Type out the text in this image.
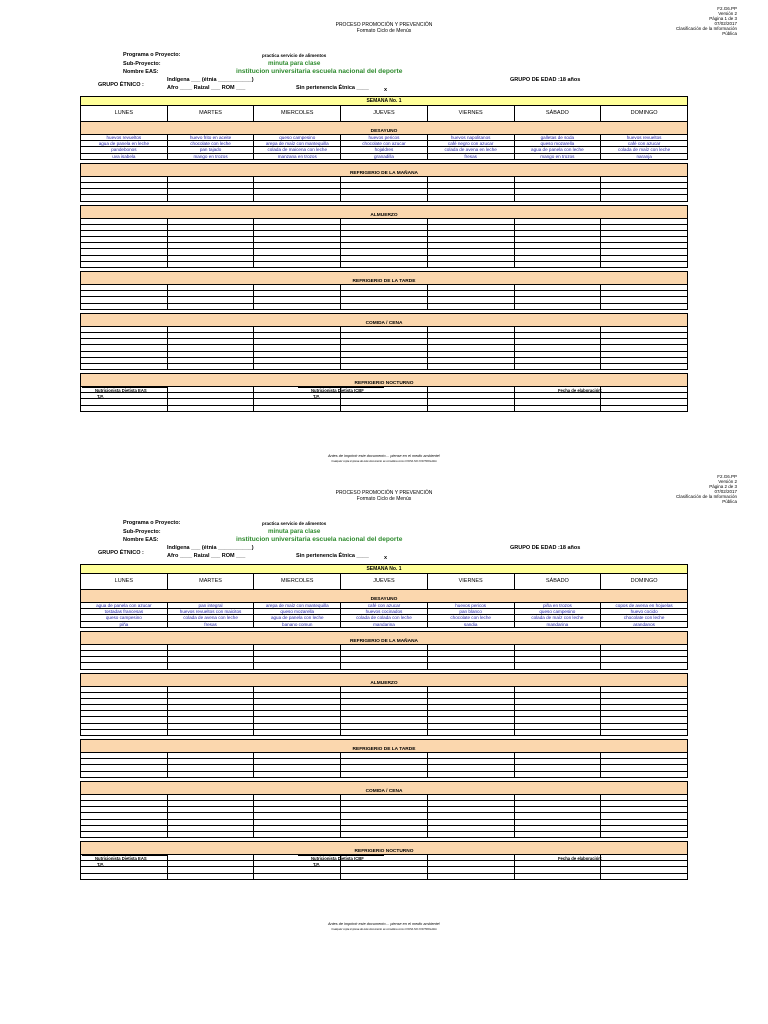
F2.G6.PP
Versión 2
Página 1 de 3
07/02/2017
Clasificación de la Información
Pública
PROCESO PROMOCIÓN Y PREVENCIÓN
Formato Ciclo de Menús
Programa o Proyecto:	practica servicio de alimentos
Sub-Proyecto:	minuta para clase
Nombre EAS:	institucion universitaria escuela nacional del deporte
GRUPO ÉTNICO :
Indígena ___ (étnia ___________)
Afro ____ Raizal ___ ROM ___	Sin pertenencia Étnica ____	x
GRUPO DE EDAD :18 años
SEMANA No. 1						
LUNES	MARTES	MIERCOLES	JUEVES	VIERNES	SÁBADO	DOMINGO
DESAYUNO						
huevos revueltos	huevo frito en aceite	queso campesino	huevos pericos	huevos napolitanos	galletas de soda	huevos revueltos
agua de panela en leche	chocolate con leche	arepa de maíz con mantequilla	chocolate con azucar	café negro con azucar	queso mozarella	café con azucar
pandebonos	pan tajado	colada de maicena con leche	hojaldres	colada de avena en leche	agua de panela con leche	colada de maíz con leche
uva isabela	mango en trozos	manzana en trozos	granadilla	fresas	mango en trozos	naranja

REFRIGERIO DE LA MAÑANA						

ALMUERZO						

REFRIGERIO DE LA TARDE						

COMIDA / CENA						

REFRIGERIO NOCTURNO						

Nutricionista Dietista EAS
T.P.
Nutricionista Dietista ICBF
T.P.
Fecha de elaboración:______________
Antes de imprimir este documento… piense en el medio ambiente!
Cualquier copia impresa de este documento se considera como COPIA NO CONTROLADA
F2.G6.PP
Versión 2
Página 2 de 3
07/02/2017
Clasificación de la Información
Pública
PROCESO PROMOCIÓN Y PREVENCIÓN
Formato Ciclo de Menús
Programa o Proyecto:	practica servicio de alimentos
Sub-Proyecto:	minuta para clase
Nombre EAS:	institucion universitaria escuela nacional del deporte
GRUPO ÉTNICO :
Indígena ___ (étnia ___________)
Afro ____ Raizal ___ ROM ___	Sin pertenencia Étnica ____	x
GRUPO DE EDAD :18 años
SEMANA No. 1						
LUNES	MARTES	MIERCOLES	JUEVES	VIERNES	SÁBADO	DOMINGO
DESAYUNO						
agua de panela con azucar	pan integral	arepa de maíz con mantequilla	café con azucar	huevos pericos	piña en trozos	copos de avena en hojuelas
tostadas francesas	huevos revueltos con maicitos	queso mozarella	huevos cocinados	pan blanco	queso campesino	huevo cocido
queso campesino	colada de avena con leche	agua de panela con leche	colada de colada con leche	chocolate con leche	colada de maíz con leche	chocolate con leche
piña	fresas	banano comun	mandarina	sandia	mandarina	arandanos

REFRIGERIO DE LA MAÑANA						

ALMUERZO						

REFRIGERIO DE LA TARDE						

COMIDA / CENA						

REFRIGERIO NOCTURNO						

Nutricionista Dietista EAS
T.P.
Nutricionista Dietista ICBF
T.P.
Fecha de elaboración:______________
Antes de imprimir este documento… piense en el medio ambiente!
Cualquier copia impresa de este documento se considera como COPIA NO CONTROLADA
